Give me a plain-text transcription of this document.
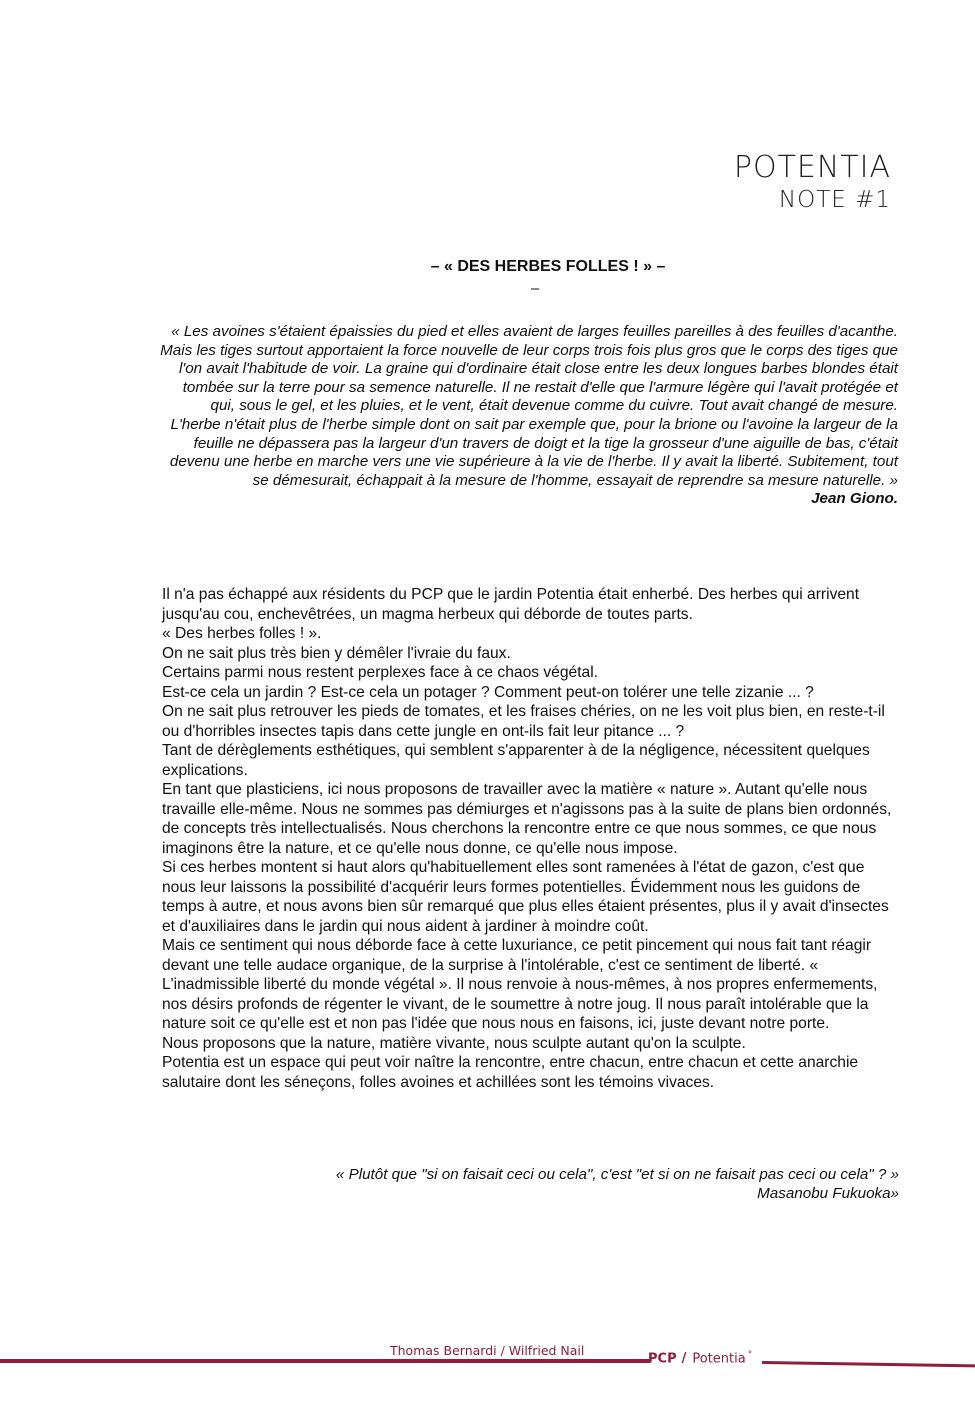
POTENTIA
NOTE #1
– « DES HERBES FOLLES ! » –
–

« Les avoines s'étaient épaissies du pied et elles avaient de larges feuilles pareilles à des feuilles d'acanthe.

Mais les tiges surtout apportaient la force nouvelle de leur corps trois fois plus gros que le corps des tiges que l'on avait l'habitude de voir. La graine qui d'ordinaire était close entre les deux longues barbes blondes était tombée sur la terre pour sa semence naturelle. Il ne restait d'elle que l'armure légère qui l'avait protégée et qui, sous le gel, et les pluies, et le vent, était devenue comme du cuivre. Tout avait changé de mesure. L'herbe n'était plus de l'herbe simple dont on sait par exemple que, pour la brione ou l'avoine la largeur de la feuille ne dépassera pas la largeur d'un travers de doigt et la tige la grosseur d'une aiguille de bas, c'était devenu une herbe en marche vers une vie supérieure à la vie de l'herbe. Il y avait la liberté. Subitement, tout se démesurait, échappait à la mesure de l'homme, essayait de reprendre sa mesure naturelle. »

Jean Giono.

Il n'a pas échappé aux résidents du PCP que le jardin Potentia était enherbé. Des herbes qui arrivent jusqu'au cou, enchevêtrées, un magma herbeux qui déborde de toutes parts.

« Des herbes folles ! ».

On ne sait plus très bien y démêler l'ivraie du faux.

Certains parmi nous restent perplexes face à ce chaos végétal.

Est-ce cela un jardin ? Est-ce cela un potager ? Comment peut-on tolérer une telle zizanie ... ?

On ne sait plus retrouver les pieds de tomates, et les fraises chéries, on ne les voit plus bien, en reste-t-il ou d'horribles insectes tapis dans cette jungle en ont-ils fait leur pitance ... ?

Tant de dérèglements esthétiques, qui semblent s'apparenter à de la négligence, nécessitent quelques explications.

En tant que plasticiens, ici nous proposons de travailler avec la matière « nature ». Autant qu'elle nous travaille elle-même. Nous ne sommes pas démiurges et n'agissons pas à la suite de plans bien ordonnés, de concepts très intellectualisés. Nous cherchons la rencontre entre ce que nous sommes, ce que nous imaginons être la nature, et ce qu'elle nous donne, ce qu'elle nous impose.

Si ces herbes montent si haut alors qu'habituellement elles sont ramenées à l'état de gazon, c'est que nous leur laissons la possibilité d'acquérir leurs formes potentielles. Évidemment nous les guidons de temps à autre, et nous avons bien sûr remarqué que plus elles étaient présentes, plus il y avait d'insectes et d'auxiliaires dans le jardin qui nous aident à jardiner à moindre coût.

Mais ce sentiment qui nous déborde face à cette luxuriance, ce petit pincement qui nous fait tant réagir devant une telle audace organique, de la surprise à l'intolérable, c'est ce sentiment de liberté. « L'inadmissible liberté du monde végétal ». Il nous renvoie à nous-mêmes, à nos propres enfermements, nos désirs profonds de régenter le vivant, de le soumettre à notre joug. Il nous paraît intolérable que la nature soit ce qu'elle est et non pas l'idée que nous nous en faisons, ici, juste devant notre porte.

Nous proposons que la nature, matière vivante, nous sculpte autant qu'on la sculpte.

Potentia est un espace qui peut voir naître la rencontre, entre chacun, entre chacun et cette anarchie salutaire dont les séneçons, folles avoines et achillées sont les témoins vivaces.

« Plutôt que "si on faisait ceci ou cela", c'est "et si on ne faisait pas ceci ou cela" ? »

Masanobu Fukuoka»

Thomas Bernardi / Wilfried Nail
PCP / Potentia °
